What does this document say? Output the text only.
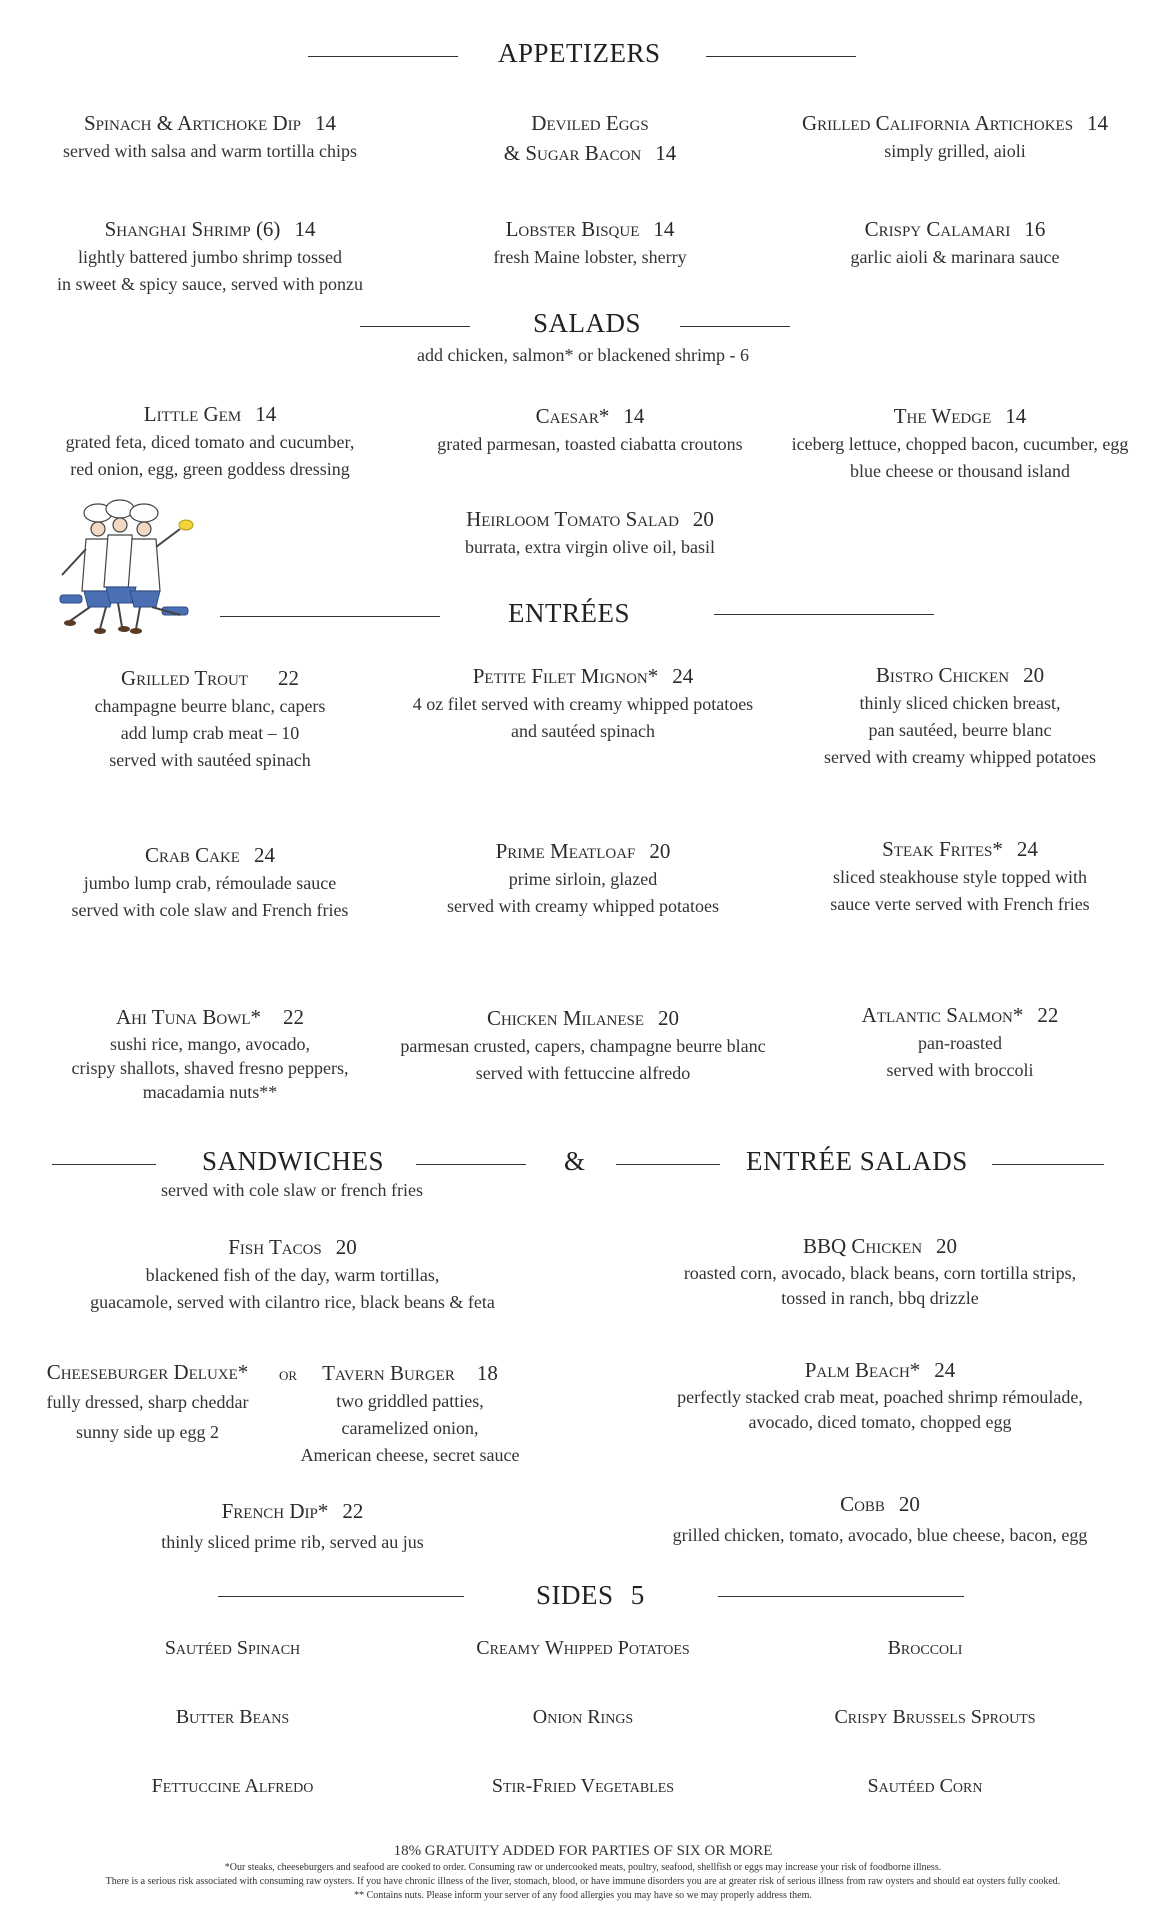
APPETIZERS
Spinach & Artichoke Dip 14
served with salsa and warm tortilla chips
Deviled Eggs
& Sugar Bacon 14
Grilled California Artichokes 14
simply grilled, aioli
Shanghai Shrimp (6) 14
lightly battered jumbo shrimp tossed
in sweet & spicy sauce, served with ponzu
Lobster Bisque 14
fresh Maine lobster, sherry
Crispy Calamari 16
garlic aioli & marinara sauce
SALADS
add chicken, salmon* or blackened shrimp - 6
Little Gem 14
grated feta, diced tomato and cucumber,
red onion, egg, green goddess dressing
Caesar* 14
grated parmesan, toasted ciabatta croutons
The Wedge 14
iceberg lettuce, chopped bacon, cucumber, egg
blue cheese or thousand island
Heirloom Tomato Salad 20
burrata, extra virgin olive oil, basil
ENTRÉES
Grilled Trout 22
champagne beurre blanc, capers
add lump crab meat – 10
served with sautéed spinach
Petite Filet Mignon* 24
4 oz filet served with creamy whipped potatoes
and sautéed spinach
Bistro Chicken 20
thinly sliced chicken breast,
pan sautéed, beurre blanc
served with creamy whipped potatoes
Crab Cake 24
jumbo lump crab, rémoulade sauce
served with cole slaw and French fries
Prime Meatloaf 20
prime sirloin, glazed
served with creamy whipped potatoes
Steak Frites* 24
sliced steakhouse style topped with
sauce verte served with French fries
Ahi Tuna Bowl* 22
sushi rice, mango, avocado,
crispy shallots, shaved fresno peppers,
macadamia nuts**
Chicken Milanese 20
parmesan crusted, capers, champagne beurre blanc
served with fettuccine alfredo
Atlantic Salmon* 22
pan-roasted
served with broccoli
SANDWICHES	&	ENTRÉE SALADS
served with cole slaw or french fries
Fish Tacos 20
blackened fish of the day, warm tortillas,
guacamole, served with cilantro rice, black beans & feta
Cheeseburger Deluxe*
fully dressed, sharp cheddar
sunny side up egg 2
or	Tavern Burger 18
two griddled patties,
caramelized onion,
American cheese, secret sauce
French Dip* 22
thinly sliced prime rib, served au jus
BBQ Chicken 20
roasted corn, avocado, black beans, corn tortilla strips,
tossed in ranch, bbq drizzle
Palm Beach* 24
perfectly stacked crab meat, poached shrimp rémoulade,
avocado, diced tomato, chopped egg
Cobb 20
grilled chicken, tomato, avocado, blue cheese, bacon, egg
SIDES 5
Sautéed Spinach	Creamy Whipped Potatoes	Broccoli
Butter Beans	Onion Rings	Crispy Brussels Sprouts
Fettuccine Alfredo	Stir-Fried Vegetables	Sautéed Corn
18% GRATUITY ADDED FOR PARTIES OF SIX OR MORE
*Our steaks, cheeseburgers and seafood are cooked to order. Consuming raw or undercooked meats, poultry, seafood, shellfish or eggs may increase your risk of foodborne illness.
There is a serious risk associated with consuming raw oysters. If you have chronic illness of the liver, stomach, blood, or have immune disorders you are at greater risk of serious illness from raw oysters and should eat oysters fully cooked.
** Contains nuts. Please inform your server of any food allergies you may have so we may properly address them.
